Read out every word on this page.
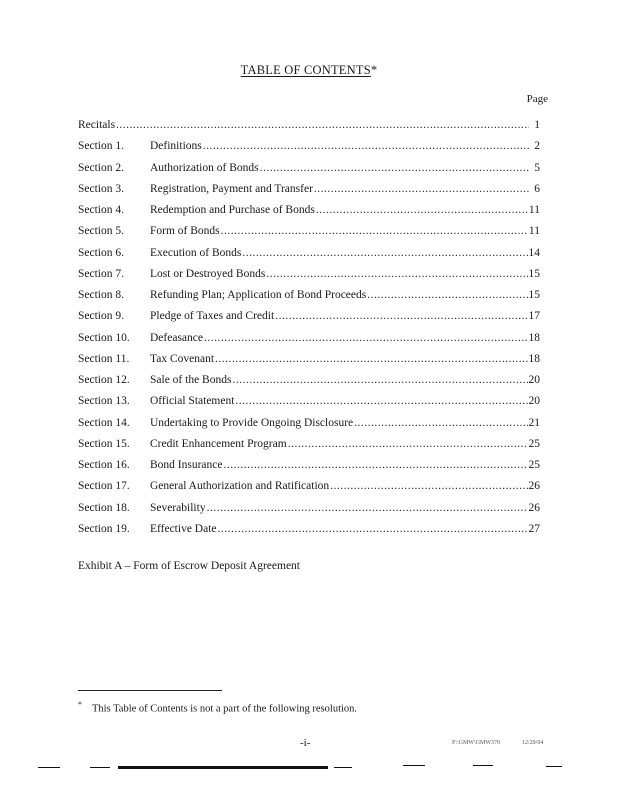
TABLE OF CONTENTS*
Page
Recitals .....	1
Section 1.	Definitions .....	2
Section 2.	Authorization of Bonds .....	5
Section 3.	Registration, Payment and Transfer .....	6
Section 4.	Redemption and Purchase of Bonds .....	11
Section 5.	Form of Bonds .....	11
Section 6.	Execution of Bonds .....	14
Section 7.	Lost or Destroyed Bonds .....	15
Section 8.	Refunding Plan; Application of Bond Proceeds .....	15
Section 9.	Pledge of Taxes and Credit .....	17
Section 10.	Defeasance .....	18
Section 11.	Tax Covenant .....	18
Section 12.	Sale of the Bonds .....	20
Section 13.	Official Statement .....	20
Section 14.	Undertaking to Provide Ongoing Disclosure .....	21
Section 15.	Credit Enhancement Program .....	25
Section 16.	Bond Insurance .....	25
Section 17.	General Authorization and Ratification .....	26
Section 18.	Severability .....	26
Section 19.	Effective Date .....	27
Exhibit A – Form of Escrow Deposit Agreement
* This Table of Contents is not a part of the following resolution.
-i-	P:\GMW\GMW370	12/29/04
